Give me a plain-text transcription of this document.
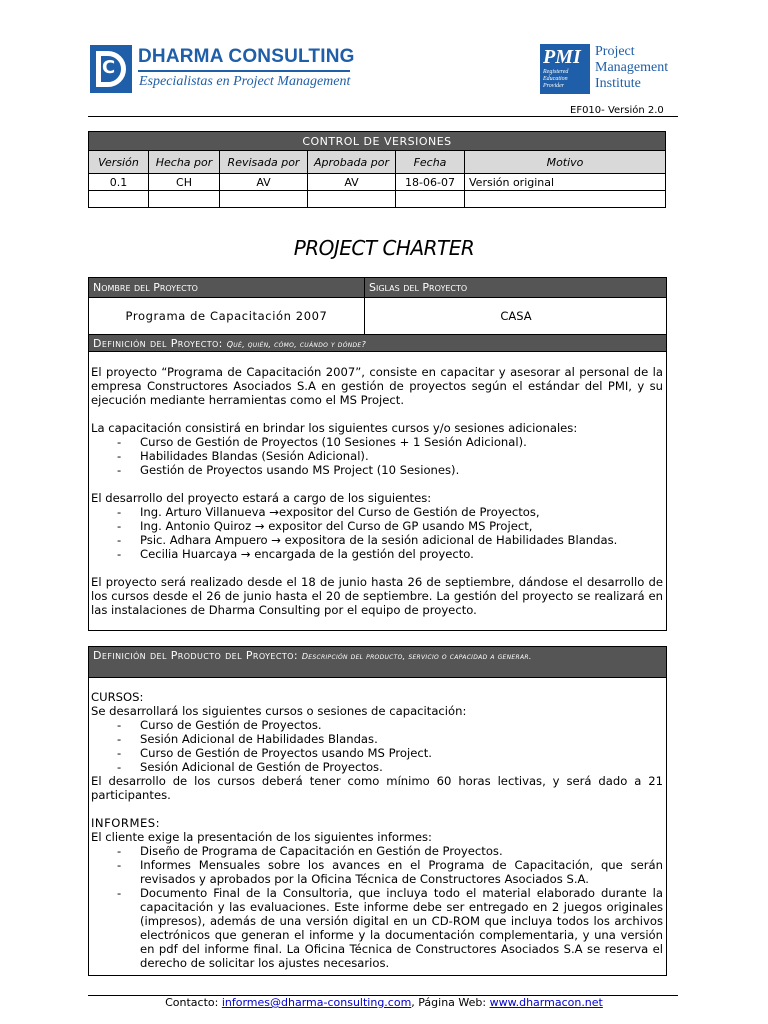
C
DHARMA CONSULTING
Especialistas en Project Management
PMI
Registered
Education
Provider
Project
Management
Institute
EF010- Versión 2.0
CONTROL DE VERSIONES					
Versión	Hecha por	Revisada por	Aprobada por	Fecha	Motivo
0.1	CH	AV	AV	18-06-07	Versión original

PROJECT CHARTER
Nombre del Proyecto	Siglas del Proyecto
Programa de Capacitación 2007	CASA
Definición del Proyecto: Qué, quién, cómo, cuándo y dónde?

El proyecto “Programa de Capacitación 2007”, consiste en capacitar y asesorar al personal de la empresa Constructores Asociados S.A en gestión de proyectos según el estándar del PMI, y su ejecución mediante herramientas como el MS Project.

La capacitación consistirá en brindar los siguientes cursos y/o sesiones adicionales:

- Curso de Gestión de Proyectos (10 Sesiones + 1 Sesión Adicional).
- Habilidades Blandas (Sesión Adicional).
- Gestión de Proyectos usando MS Project (10 Sesiones).

El desarrollo del proyecto estará a cargo de los siguientes:

- Ing. Arturo Villanueva →expositor del Curso de Gestión de Proyectos,
- Ing. Antonio Quiroz → expositor del Curso de GP usando MS Project,
- Psic. Adhara Ampuero → expositora de la sesión adicional de Habilidades Blandas.
- Cecilia Huarcaya → encargada de la gestión del proyecto.

El proyecto será realizado desde el 18 de junio hasta 26 de septiembre, dándose el desarrollo de los cursos desde el 26 de junio hasta el 20 de septiembre. La gestión del proyecto se realizará en las instalaciones de Dharma Consulting por el equipo de proyecto.

Definición del Producto del Proyecto: Descripción del producto, servicio o capacidad a generar.

CURSOS:

Se desarrollará los siguientes cursos o sesiones de capacitación:

- Curso de Gestión de Proyectos.
- Sesión Adicional de Habilidades Blandas.
- Curso de Gestión de Proyectos usando MS Project.
- Sesión Adicional de Gestión de Proyectos.

El desarrollo de los cursos deberá tener como mínimo 60 horas lectivas, y será dado a 21 participantes.

INFORMES:

El cliente exige la presentación de los siguientes informes:

- Diseño de Programa de Capacitación en Gestión de Proyectos.
- Informes Mensuales sobre los avances en el Programa de Capacitación, que serán revisados y aprobados por la Oficina Técnica de Constructores Asociados S.A.
- Documento Final de la Consultoria, que incluya todo el material elaborado durante la capacitación y las evaluaciones. Este informe debe ser entregado en 2 juegos originales (impresos), además de una versión digital en un CD-ROM que incluya todos los archivos electrónicos que generan el informe y la documentación complementaria, y una versión en pdf del informe final. La Oficina Técnica de Constructores Asociados S.A se reserva el derecho de solicitar los ajustes necesarios.
Contacto: informes@dharma-consulting.com, Página Web: www.dharmacon.net
